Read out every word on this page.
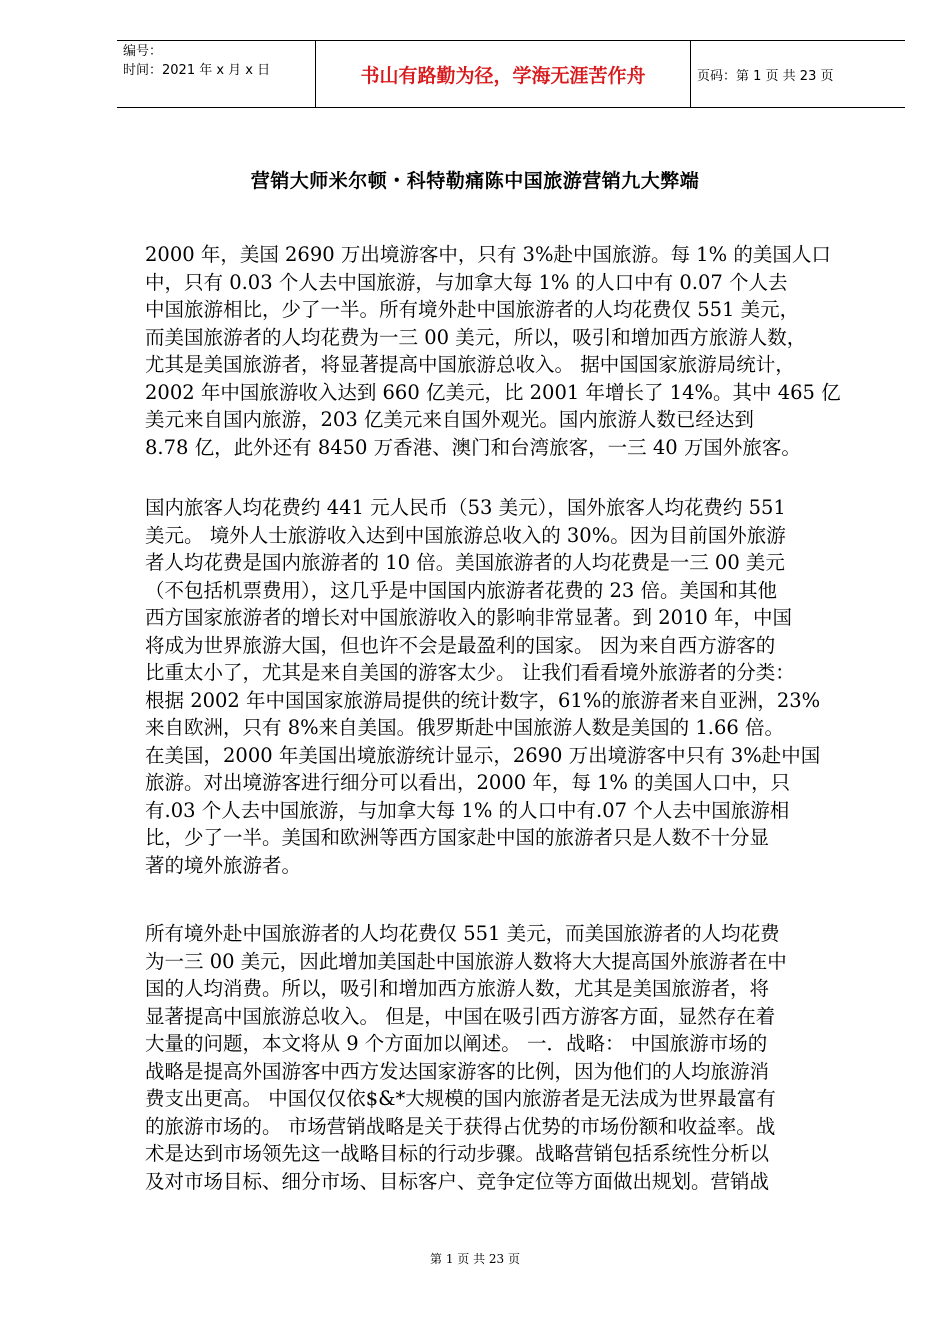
编号：
时间：2021 年 x 月 x 日	书山有路勤为径，学海无涯苦作舟	页码：第 1 页 共 23 页
营销大师米尔顿・科特勒痛陈中国旅游营销九大弊端
2000 年，美国 2690 万出境游客中，只有 3%赴中国旅游。每 1% 的美国人口
中，只有 0.03 个人去中国旅游，与加拿大每 1% 的人口中有 0.07 个人去
中国旅游相比，少了一半。所有境外赴中国旅游者的人均花费仅 551 美元，
而美国旅游者的人均花费为一三 00 美元，所以，吸引和增加西方旅游人数，
尤其是美国旅游者，将显著提高中国旅游总收入。 据中国国家旅游局统计，
2002 年中国旅游收入达到 660 亿美元，比 2001 年增长了 14%。其中 465 亿
美元来自国内旅游，203 亿美元来自国外观光。国内旅游人数已经达到
8.78 亿，此外还有 8450 万香港、澳门和台湾旅客，一三 40 万国外旅客。
国内旅客人均花费约 441 元人民币（53 美元），国外旅客人均花费约 551
美元。 境外人士旅游收入达到中国旅游总收入的 30%。因为目前国外旅游
者人均花费是国内旅游者的 10 倍。美国旅游者的人均花费是一三 00 美元
（不包括机票费用），这几乎是中国国内旅游者花费的 23 倍。美国和其他
西方国家旅游者的增长对中国旅游收入的影响非常显著。到 2010 年，中国
将成为世界旅游大国，但也许不会是最盈利的国家。 因为来自西方游客的
比重太小了，尤其是来自美国的游客太少。 让我们看看境外旅游者的分类：
根据 2002 年中国国家旅游局提供的统计数字，61%的旅游者来自亚洲，23%
来自欧洲，只有 8%来自美国。俄罗斯赴中国旅游人数是美国的 1.66 倍。
在美国，2000 年美国出境旅游统计显示，2690 万出境游客中只有 3%赴中国
旅游。对出境游客进行细分可以看出，2000 年，每 1% 的美国人口中，只
有.03 个人去中国旅游，与加拿大每 1% 的人口中有.07 个人去中国旅游相
比，少了一半。美国和欧洲等西方国家赴中国的旅游者只是人数不十分显
著的境外旅游者。
所有境外赴中国旅游者的人均花费仅 551 美元，而美国旅游者的人均花费
为一三 00 美元，因此增加美国赴中国旅游人数将大大提高国外旅游者在中
国的人均消费。所以，吸引和增加西方旅游人数，尤其是美国旅游者，将
显著提高中国旅游总收入。 但是，中国在吸引西方游客方面，显然存在着
大量的问题，本文将从 9 个方面加以阐述。 一．战略： 中国旅游市场的
战略是提高外国游客中西方发达国家游客的比例，因为他们的人均旅游消
费支出更高。 中国仅仅依$&*大规模的国内旅游者是无法成为世界最富有
的旅游市场的。 市场营销战略是关于获得占优势的市场份额和收益率。战
术是达到市场领先这一战略目标的行动步骤。战略营销包括系统性分析以
及对市场目标、细分市场、目标客户、竞争定位等方面做出规划。营销战
第 1 页 共 23 页
